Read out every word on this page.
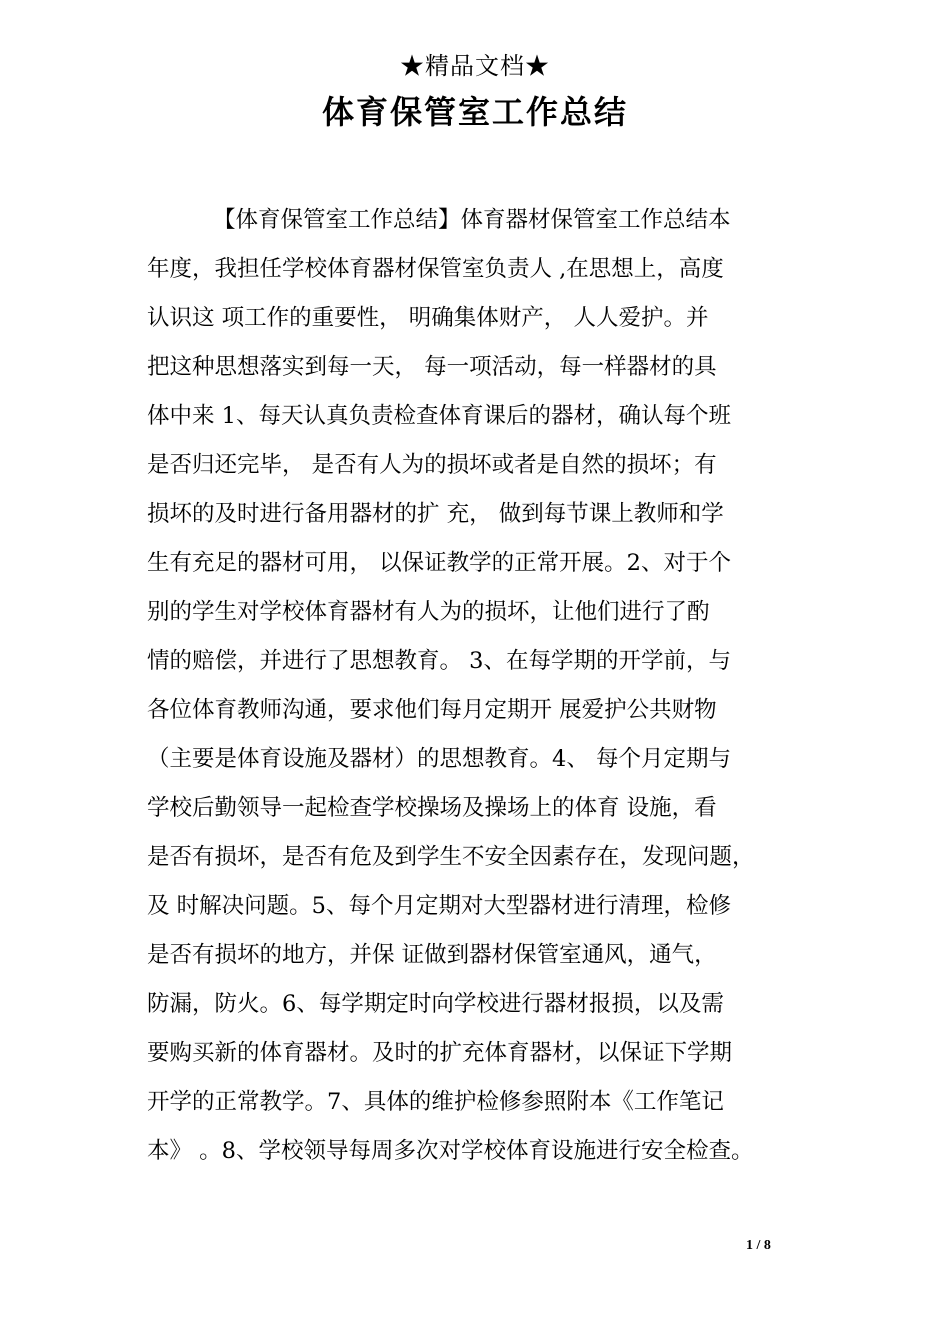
★精品文档★
体育保管室工作总结
【体育保管室工作总结】体育器材保管室工作总结本
年度，我担任学校体育器材保管室负责人 ,在思想上，高度
认识这 项工作的重要性， 明确集体财产， 人人爱护。并
把这种思想落实到每一天， 每一项活动，每一样器材的具
体中来 1、每天认真负责检查体育课后的器材，确认每个班
是否归还完毕， 是否有人为的损坏或者是自然的损坏；有
损坏的及时进行备用器材的扩 充， 做到每节课上教师和学
生有充足的器材可用， 以保证教学的正常开展。2、对于个
别的学生对学校体育器材有人为的损坏，让他们进行了酌
情的赔偿，并进行了思想教育。 3、在每学期的开学前，与
各位体育教师沟通，要求他们每月定期开 展爱护公共财物
（主要是体育设施及器材）的思想教育。4、 每个月定期与
学校后勤领导一起检查学校操场及操场上的体育 设施，看
是否有损坏，是否有危及到学生不安全因素存在，发现问题，
及 时解决问题。5、每个月定期对大型器材进行清理，检修
是否有损坏的地方，并保 证做到器材保管室通风，通气，
防漏，防火。6、每学期定时向学校进行器材报损，以及需
要购买新的体育器材。及时的扩充体育器材，以保证下学期
开学的正常教学。7、具体的维护检修参照附本《工作笔记
本》 。8、学校领导每周多次对学校体育设施进行安全检查。
1 / 8
